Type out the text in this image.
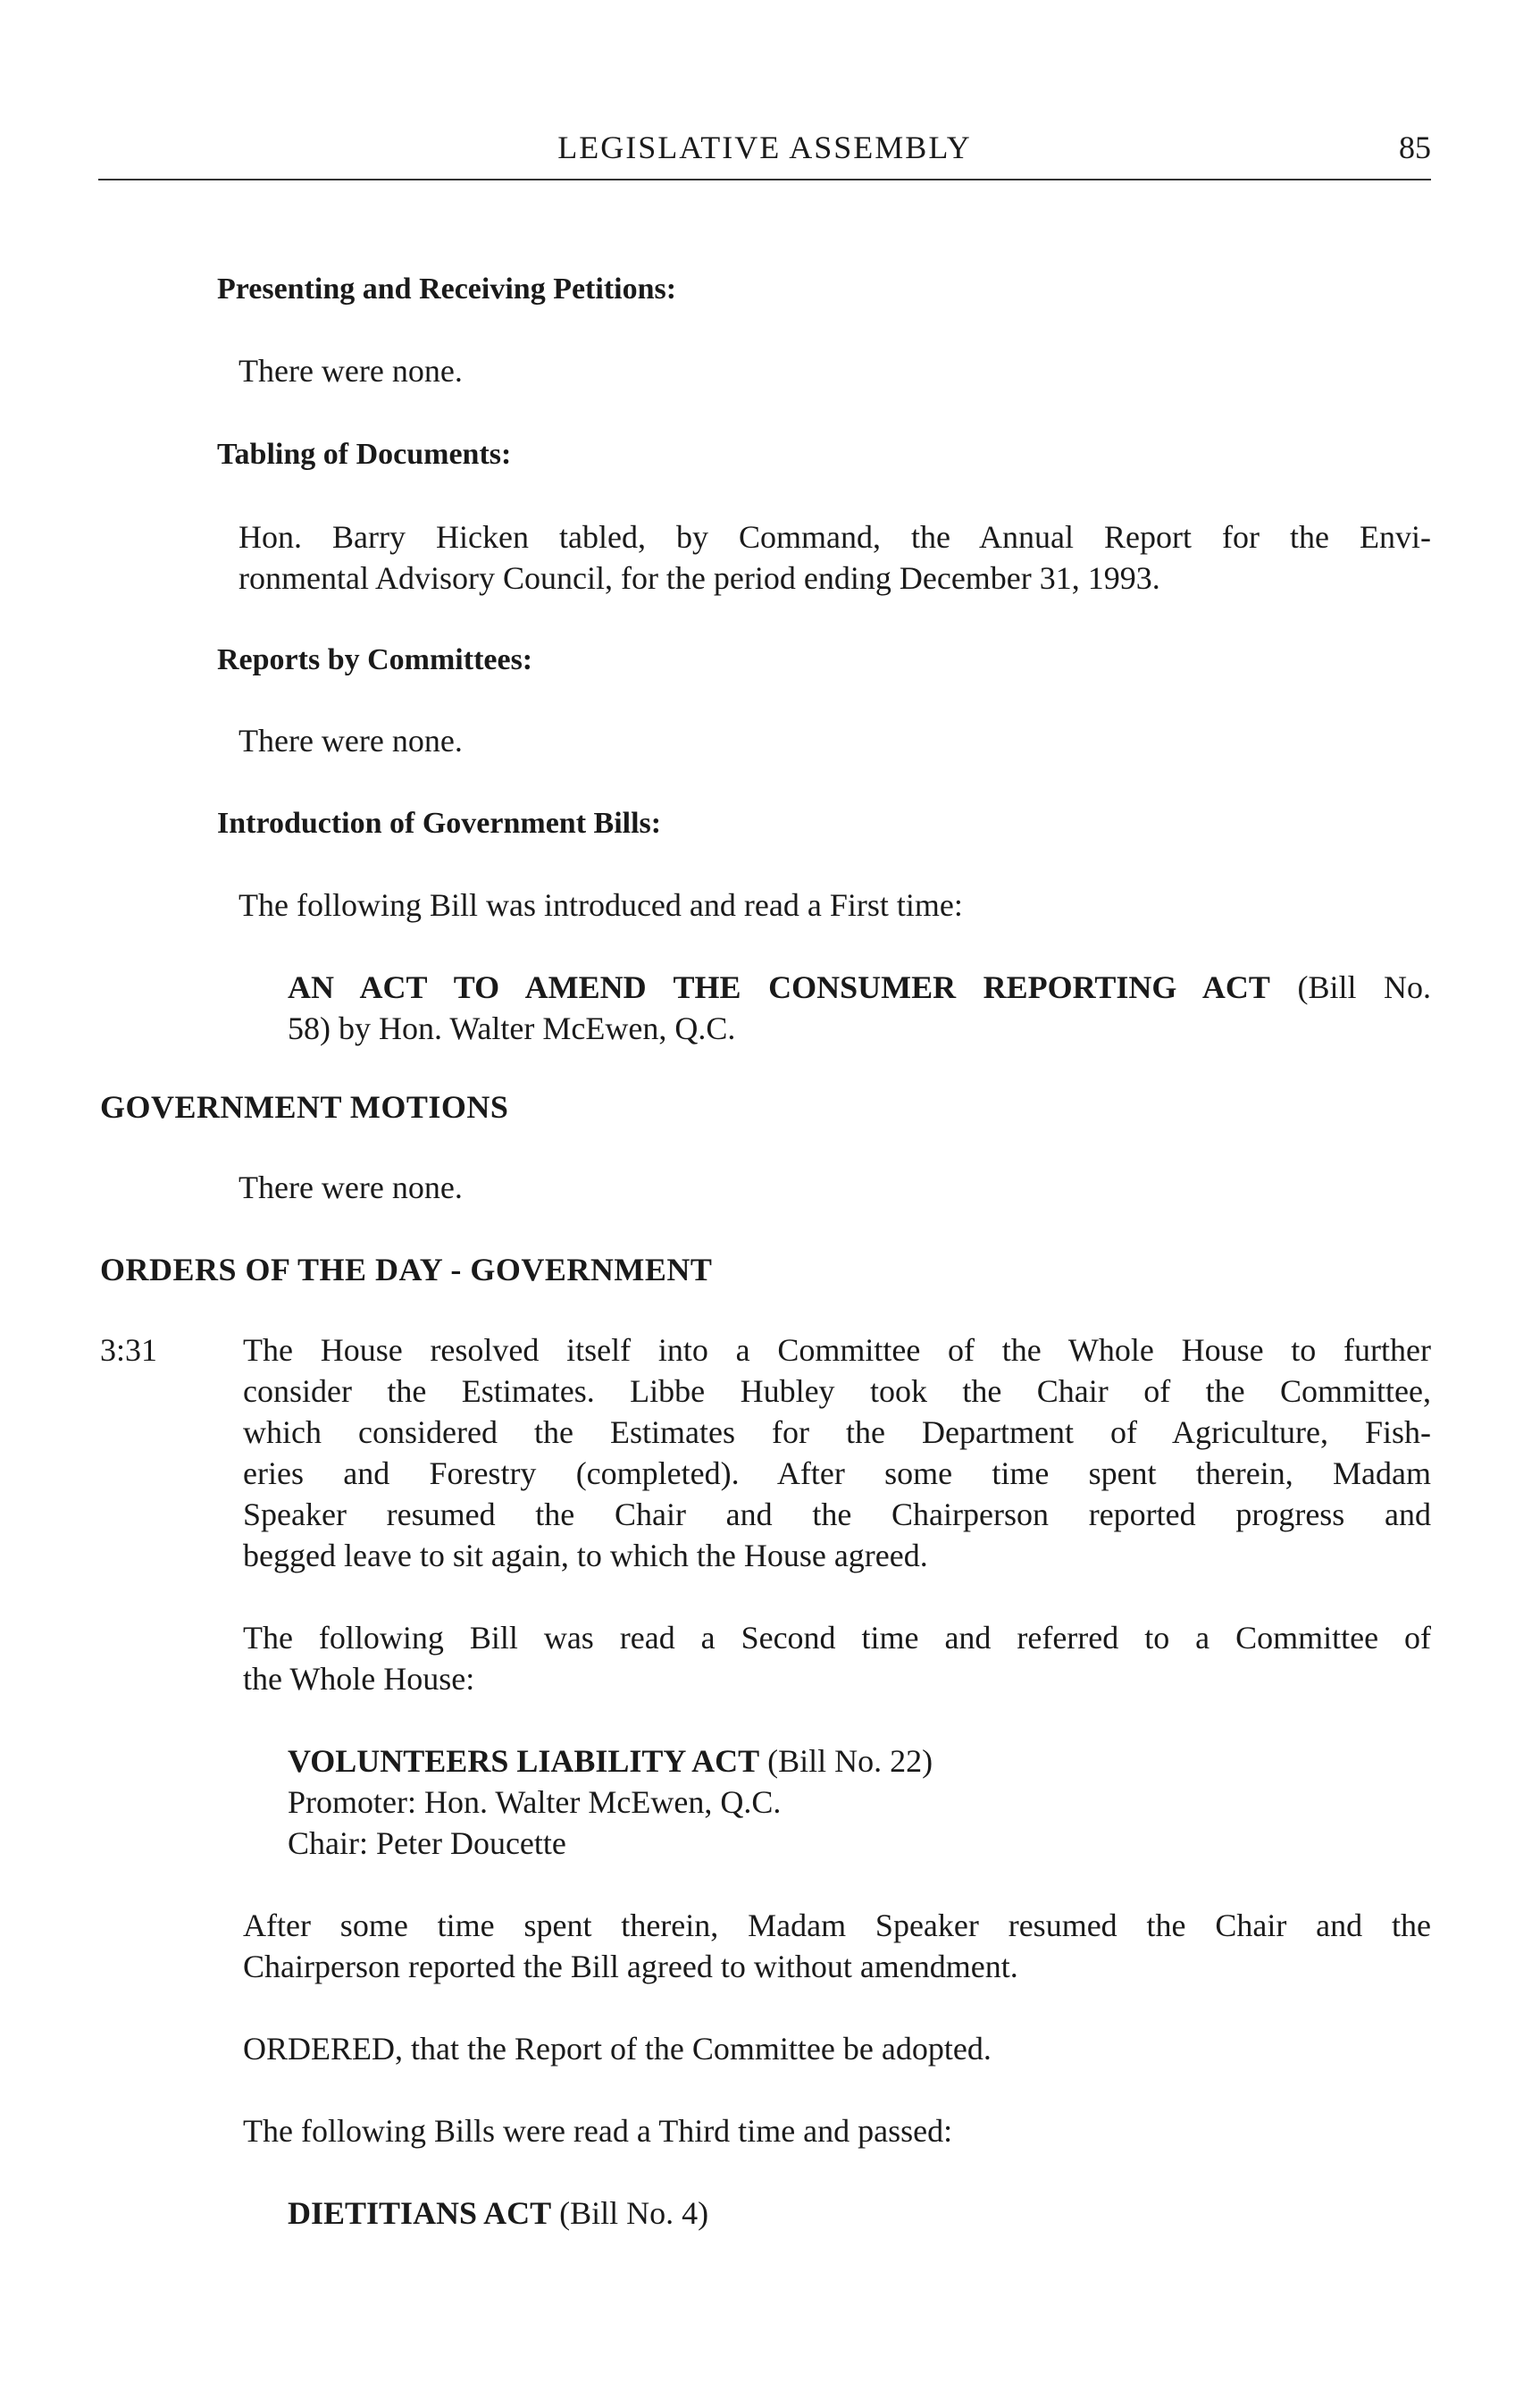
LEGISLATIVE ASSEMBLY	85
Presenting and Receiving Petitions:
There were none.
Tabling of Documents:
Hon. Barry Hicken tabled, by Command, the Annual Report for the Envi-
ronmental Advisory Council, for the period ending December 31, 1993.
Reports by Committees:
There were none.
Introduction of Government Bills:
The following Bill was introduced and read a First time:
AN ACT TO AMEND THE CONSUMER REPORTING ACT (Bill No.
58) by Hon. Walter McEwen, Q.C.
GOVERNMENT MOTIONS
There were none.
ORDERS OF THE DAY - GOVERNMENT
3:31	The House resolved itself into a Committee of the Whole House to further
consider the Estimates. Libbe Hubley took the Chair of the Committee,
which considered the Estimates for the Department of Agriculture, Fish-
eries and Forestry (completed). After some time spent therein, Madam
Speaker resumed the Chair and the Chairperson reported progress and
begged leave to sit again, to which the House agreed.
The following Bill was read a Second time and referred to a Committee of
the Whole House:
VOLUNTEERS LIABILITY ACT (Bill No. 22)
Promoter: Hon. Walter McEwen, Q.C.
Chair: Peter Doucette
After some time spent therein, Madam Speaker resumed the Chair and the
Chairperson reported the Bill agreed to without amendment.
ORDERED, that the Report of the Committee be adopted.
The following Bills were read a Third time and passed:
DIETITIANS ACT (Bill No. 4)
